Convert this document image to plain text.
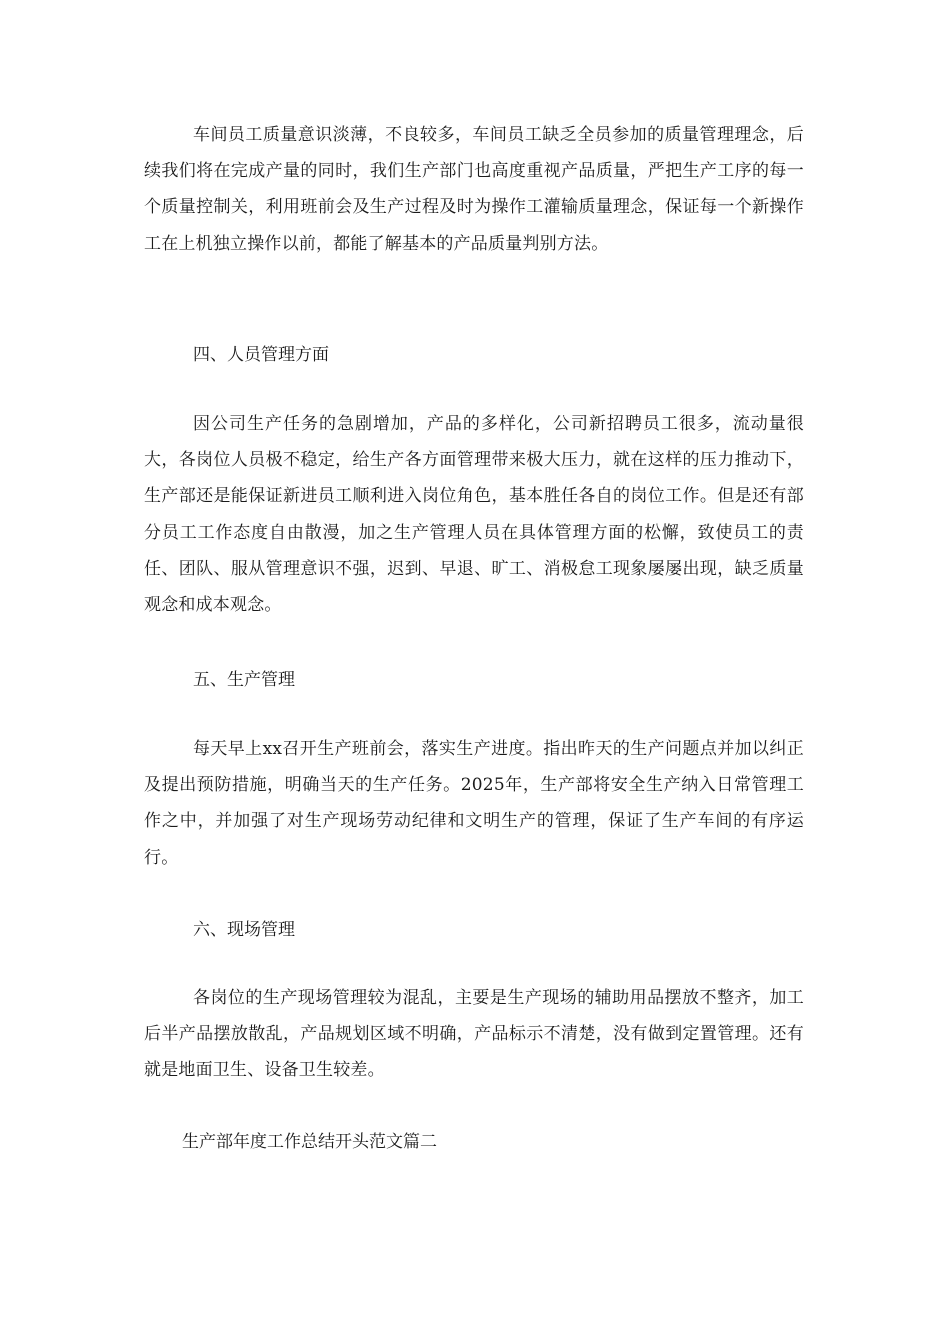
车间员工质量意识淡薄，不良较多，车间员工缺乏全员参加的质量管理理念，后续我们将在完成产量的同时，我们生产部门也高度重视产品质量，严把生产工序的每一个质量控制关，利用班前会及生产过程及时为操作工灌输质量理念，保证每一个新操作工在上机独立操作以前，都能了解基本的产品质量判别方法。

四、人员管理方面

因公司生产任务的急剧增加，产品的多样化，公司新招聘员工很多，流动量很大，各岗位人员极不稳定，给生产各方面管理带来极大压力，就在这样的压力推动下，生产部还是能保证新进员工顺利进入岗位角色，基本胜任各自的岗位工作。但是还有部分员工工作态度自由散漫，加之生产管理人员在具体管理方面的松懈，致使员工的责任、团队、服从管理意识不强，迟到、早退、旷工、消极怠工现象屡屡出现，缺乏质量观念和成本观念。

五、生产管理

每天早上xx召开生产班前会，落实生产进度。指出昨天的生产问题点并加以纠正及提出预防措施，明确当天的生产任务。2025年，生产部将安全生产纳入日常管理工作之中，并加强了对生产现场劳动纪律和文明生产的管理，保证了生产车间的有序运行。

六、现场管理

各岗位的生产现场管理较为混乱，主要是生产现场的辅助用品摆放不整齐，加工后半产品摆放散乱，产品规划区域不明确，产品标示不清楚，没有做到定置管理。还有就是地面卫生、设备卫生较差。

生产部年度工作总结开头范文篇二
